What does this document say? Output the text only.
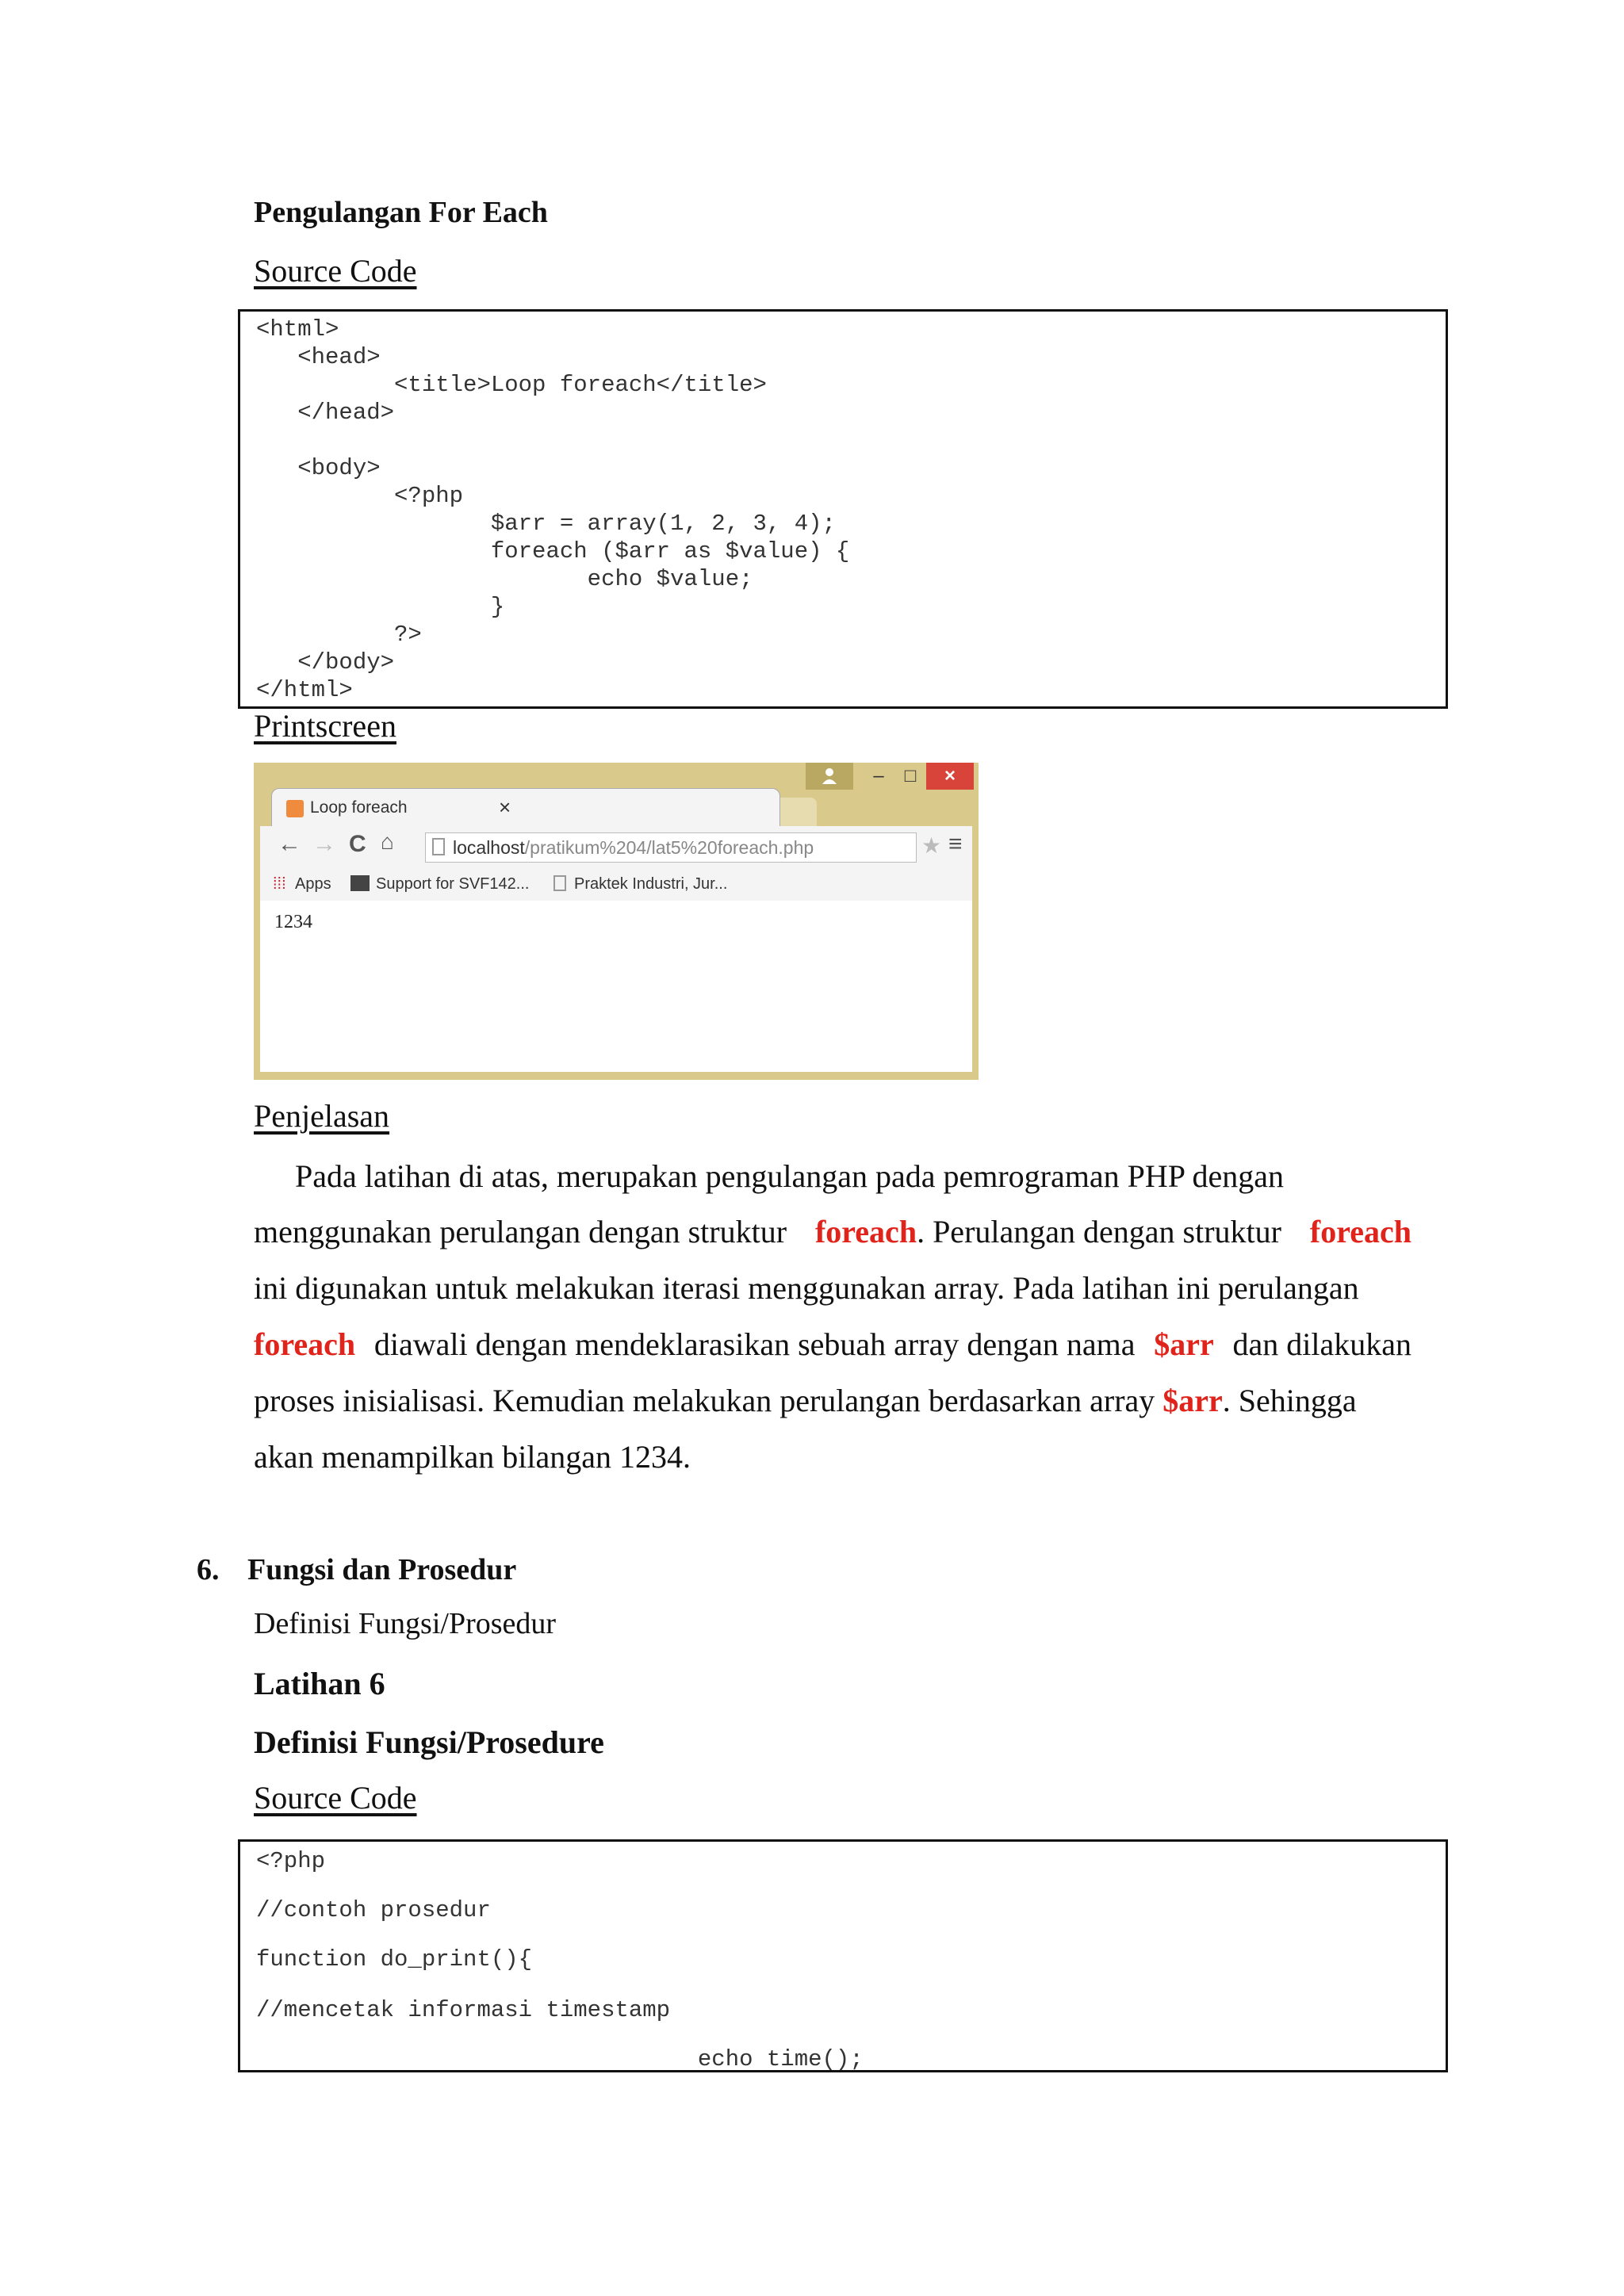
Pengulangan For Each
Source Code
<html>
<head>
<title>Loop foreach</title>
</head>
<body>
<?php
$arr = array(1, 2, 3, 4);
foreach ($arr as $value) {
echo $value;
}
?>
</body>
</html>
Printscreen
–	□	×
Loop foreach	×
← → C ⌂	localhost/pratikum%204/lat5%20foreach.php	★ ≡
⁞⁞⁞ Apps	Support for SVF142...	Praktek Industri, Jur...
1234
Penjelasan
Pada latihan di atas, merupakan pengulangan pada pemrograman PHP dengan
menggunakan perulangan dengan struktur foreach. Perulangan dengan struktur foreach
ini digunakan untuk melakukan iterasi menggunakan array. Pada latihan ini perulangan
foreach diawali dengan mendeklarasikan sebuah array dengan nama $arr dan dilakukan
proses inisialisasi. Kemudian melakukan perulangan berdasarkan array $arr. Sehingga
akan menampilkan bilangan 1234.
6. Fungsi dan Prosedur
Definisi Fungsi/Prosedur
Latihan 6
Definisi Fungsi/Prosedure
Source Code
<?php
//contoh prosedur
function do_print(){
//mencetak informasi timestamp
echo time();
